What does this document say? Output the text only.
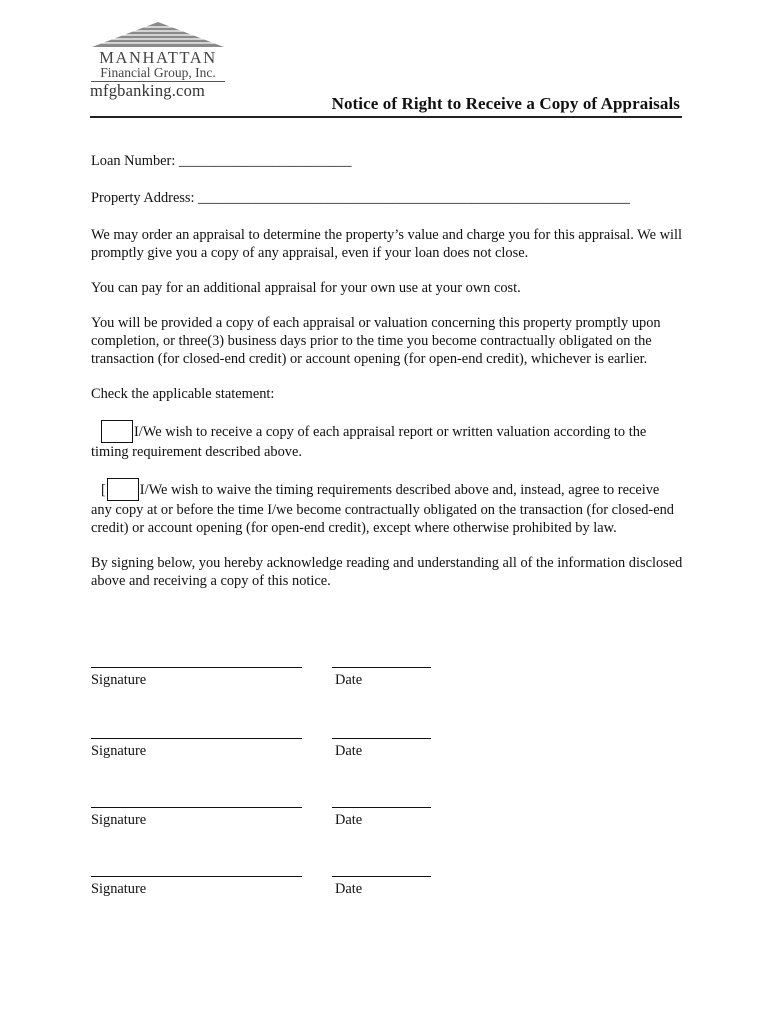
MANHATTAN
Financial Group, Inc.
mfgbanking.com
Notice of Right to Receive a Copy of Appraisals
Loan Number: ________________________
Property Address: ____________________________________________________________

We may order an appraisal to determine the property’s value and charge you for this appraisal. We will promptly give you a copy of any appraisal, even if your loan does not close.

You can pay for an additional appraisal for your own use at your own cost.

You will be provided a copy of each appraisal or valuation concerning this property promptly upon completion, or three(3) business days prior to the time you become contractually obligated on the transaction (for closed-end credit) or account opening (for open-end credit), whichever is earlier.

Check the applicable statement:

I/We wish to receive a copy of each appraisal report or written valuation according to the timing requirement described above.

[ I/We wish to waive the timing requirements described above and, instead, agree to receive any copy at or before the time I/we become contractually obligated on the transaction (for closed-end credit) or account opening (for open-end credit), except where otherwise prohibited by law.

By signing below, you hereby acknowledge reading and understanding all of the information disclosed above and receiving a copy of this notice.

Signature	Date
Signature	Date
Signature	Date
Signature	Date
